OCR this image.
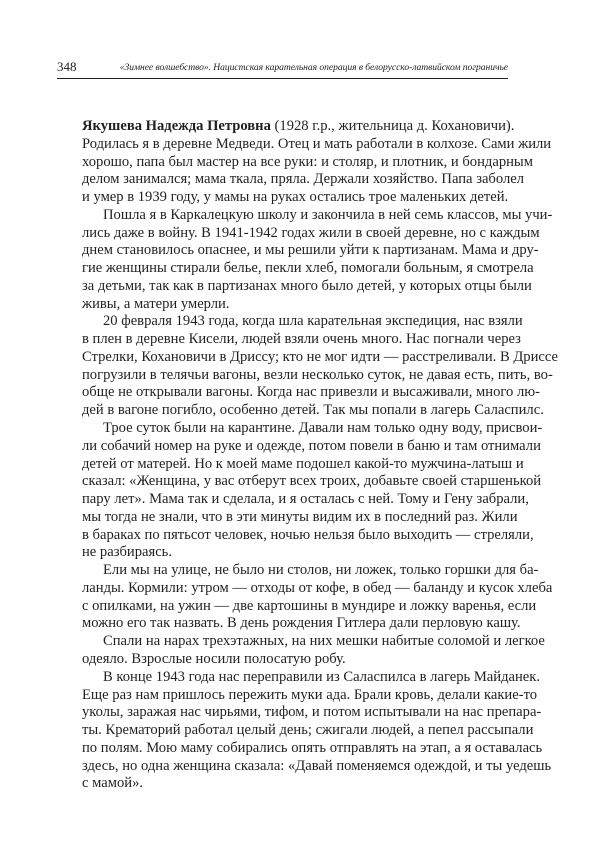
348	«Зимнее волшебство». Нацистская карательная операция в белорусско-латвийском пограничье
Якушева Надежда Петровна (1928 г.р., жительница д. Кохановичи).
Родилась я в деревне Медведи. Отец и мать работали в колхозе. Сами жили
хорошо, папа был мастер на все руки: и столяр, и плотник, и бондарным
делом занимался; мама ткала, пряла. Держали хозяйство. Папа заболел
и умер в 1939 году, у мамы на руках остались трое маленьких детей.
Пошла я в Каркалецкую школу и закончила в ней семь классов, мы учи-
лись даже в войну. В 1941-1942 годах жили в своей деревне, но с каждым
днем становилось опаснее, и мы решили уйти к партизанам. Мама и дру-
гие женщины стирали белье, пекли хлеб, помогали больным, я смотрела
за детьми, так как в партизанах много было детей, у которых отцы были
живы, а матери умерли.
20 февраля 1943 года, когда шла карательная экспедиция, нас взяли
в плен в деревне Кисели, людей взяли очень много. Нас погнали через
Стрелки, Кохановичи в Дриссу; кто не мог идти — расстреливали. В Дриссе
погрузили в телячьи вагоны, везли несколько суток, не давая есть, пить, во-
обще не открывали вагоны. Когда нас привезли и высаживали, много лю-
дей в вагоне погибло, особенно детей. Так мы попали в лагерь Саласпилс.
Трое суток были на карантине. Давали нам только одну воду, присвои-
ли собачий номер на руке и одежде, потом повели в баню и там отнимали
детей от матерей. Но к моей маме подошел какой-то мужчина-латыш и
сказал: «Женщина, у вас отберут всех троих, добавьте своей старшенькой
пару лет». Мама так и сделала, и я осталась с ней. Тому и Гену забрали,
мы тогда не знали, что в эти минуты видим их в последний раз. Жили
в бараках по пятьсот человек, ночью нельзя было выходить — стреляли,
не разбираясь.
Ели мы на улице, не было ни столов, ни ложек, только горшки для ба-
ланды. Кормили: утром — отходы от кофе, в обед — баланду и кусок хлеба
с опилками, на ужин — две картошины в мундире и ложку варенья, если
можно его так назвать. В день рождения Гитлера дали перловую кашу.
Спали на нарах трехэтажных, на них мешки набитые соломой и легкое
одеяло. Взрослые носили полосатую робу.
В конце 1943 года нас переправили из Саласпилса в лагерь Майданек.
Еще раз нам пришлось пережить муки ада. Брали кровь, делали какие-то
уколы, заражая нас чирьями, тифом, и потом испытывали на нас препара-
ты. Крематорий работал целый день; сжигали людей, а пепел рассыпали
по полям. Мою маму собирались опять отправлять на этап, а я оставалась
здесь, но одна женщина сказала: «Давай поменяемся одеждой, и ты уедешь
с мамой».
